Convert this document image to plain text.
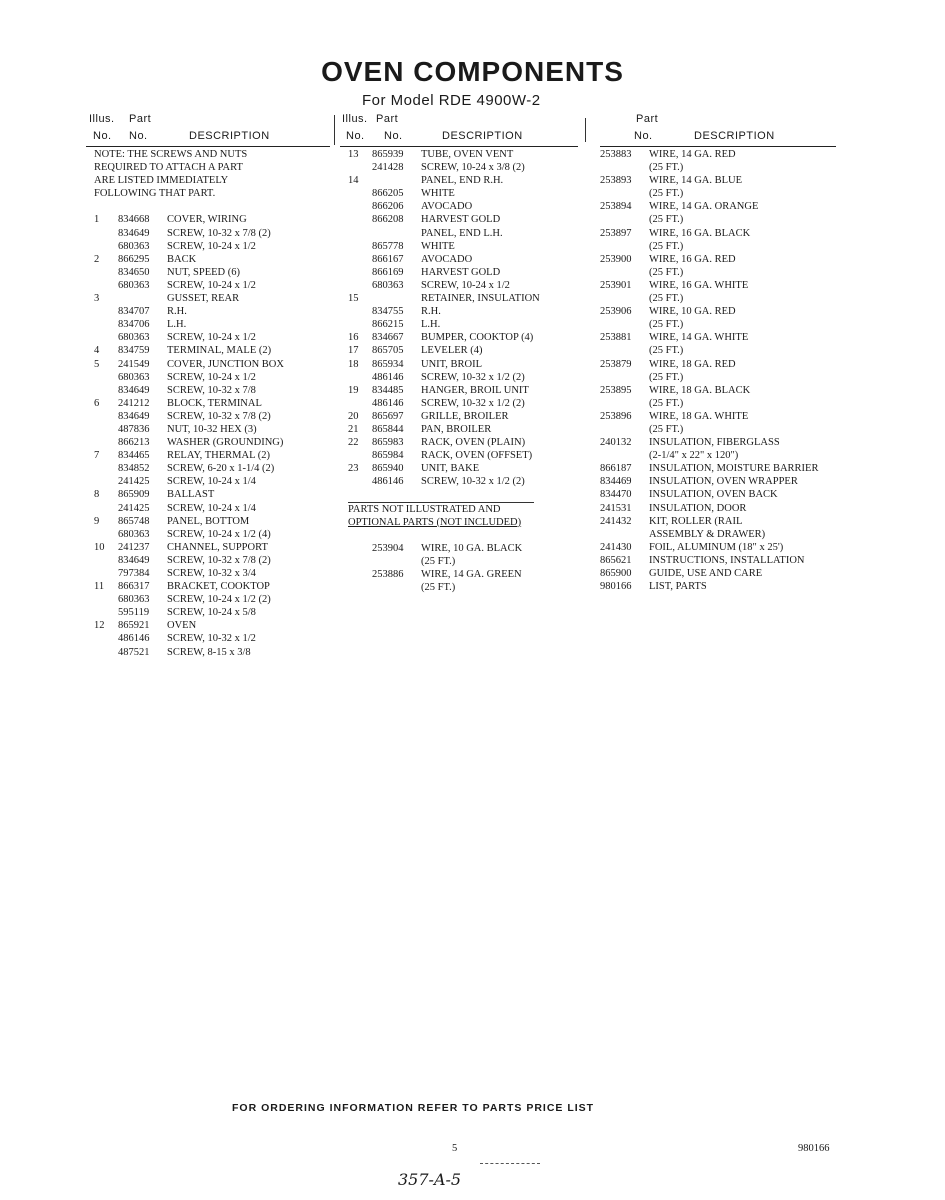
OVEN COMPONENTS
For Model RDE 4900W-2
Illus. Part
No. No.	DESCRIPTION
Illus. Part
No. No.	DESCRIPTION
Part
No.	DESCRIPTION
NOTE: THE SCREWS AND NUTS
REQUIRED TO ATTACH A PART
ARE LISTED IMMEDIATELY
FOLLOWING THAT PART.
1 834668 COVER, WIRING
834649 SCREW, 10-32 x 7/8 (2)
680363 SCREW, 10-24 x 1/2
2 866295 BACK
834650 NUT, SPEED (6)
680363 SCREW, 10-24 x 1/2
3	GUSSET, REAR
834707 R.H.
834706 L.H.
680363 SCREW, 10-24 x 1/2
4 834759 TERMINAL, MALE (2)
5 241549 COVER, JUNCTION BOX
680363 SCREW, 10-24 x 1/2
834649 SCREW, 10-32 x 7/8
6 241212 BLOCK, TERMINAL
834649 SCREW, 10-32 x 7/8 (2)
487836 NUT, 10-32 HEX (3)
866213 WASHER (GROUNDING)
7 834465 RELAY, THERMAL (2)
834852 SCREW, 6-20 x 1-1/4 (2)
241425 SCREW, 10-24 x 1/4
8 865909 BALLAST
241425 SCREW, 10-24 x 1/4
9 865748 PANEL, BOTTOM
680363 SCREW, 10-24 x 1/2 (4)
10 241237 CHANNEL, SUPPORT
834649 SCREW, 10-32 x 7/8 (2)
797384 SCREW, 10-32 x 3/4
11 866317 BRACKET, COOKTOP
680363 SCREW, 10-24 x 1/2 (2)
595119 SCREW, 10-24 x 5/8
12 865921 OVEN
486146 SCREW, 10-32 x 1/2
487521 SCREW, 8-15 x 3/8
13 865939 TUBE, OVEN VENT
241428 SCREW, 10-24 x 3/8 (2)
14	PANEL, END R.H.
866205 WHITE
866206 AVOCADO
866208 HARVEST GOLD
PANEL, END L.H.
865778 WHITE
866167 AVOCADO
866169 HARVEST GOLD
680363 SCREW, 10-24 x 1/2
15	RETAINER, INSULATION
834755 R.H.
866215 L.H.
16 834667 BUMPER, COOKTOP (4)
17 865705 LEVELER (4)
18 865934 UNIT, BROIL
486146 SCREW, 10-32 x 1/2 (2)
19 834485 HANGER, BROIL UNIT
486146 SCREW, 10-32 x 1/2 (2)
20 865697 GRILLE, BROILER
21 865844 PAN, BROILER
22 865983 RACK, OVEN (PLAIN)
865984 RACK, OVEN (OFFSET)
23 865940 UNIT, BAKE
486146 SCREW, 10-32 x 1/2 (2)
PARTS NOT ILLUSTRATED AND
OPTIONAL PARTS (NOT INCLUDED)
253904 WIRE, 10 GA. BLACK
(25 FT.)
253886 WIRE, 14 GA. GREEN
(25 FT.)
253883 WIRE, 14 GA. RED
(25 FT.)
253893 WIRE, 14 GA. BLUE
(25 FT.)
253894 WIRE, 14 GA. ORANGE
(25 FT.)
253897 WIRE, 16 GA. BLACK
(25 FT.)
253900 WIRE, 16 GA. RED
(25 FT.)
253901 WIRE, 16 GA. WHITE
(25 FT.)
253906 WIRE, 10 GA. RED
(25 FT.)
253881 WIRE, 14 GA. WHITE
(25 FT.)
253879 WIRE, 18 GA. RED
(25 FT.)
253895 WIRE, 18 GA. BLACK
(25 FT.)
253896 WIRE, 18 GA. WHITE
(25 FT.)
240132 INSULATION, FIBERGLASS
(2-1/4" x 22" x 120")
866187 INSULATION, MOISTURE BARRIER
834469 INSULATION, OVEN WRAPPER
834470 INSULATION, OVEN BACK
241531 INSULATION, DOOR
241432 KIT, ROLLER (RAIL
ASSEMBLY & DRAWER)
241430 FOIL, ALUMINUM (18" x 25')
865621 INSTRUCTIONS, INSTALLATION
865900 GUIDE, USE AND CARE
980166 LIST, PARTS
FOR ORDERING INFORMATION REFER TO PARTS PRICE LIST
5	980166
357-A-5
